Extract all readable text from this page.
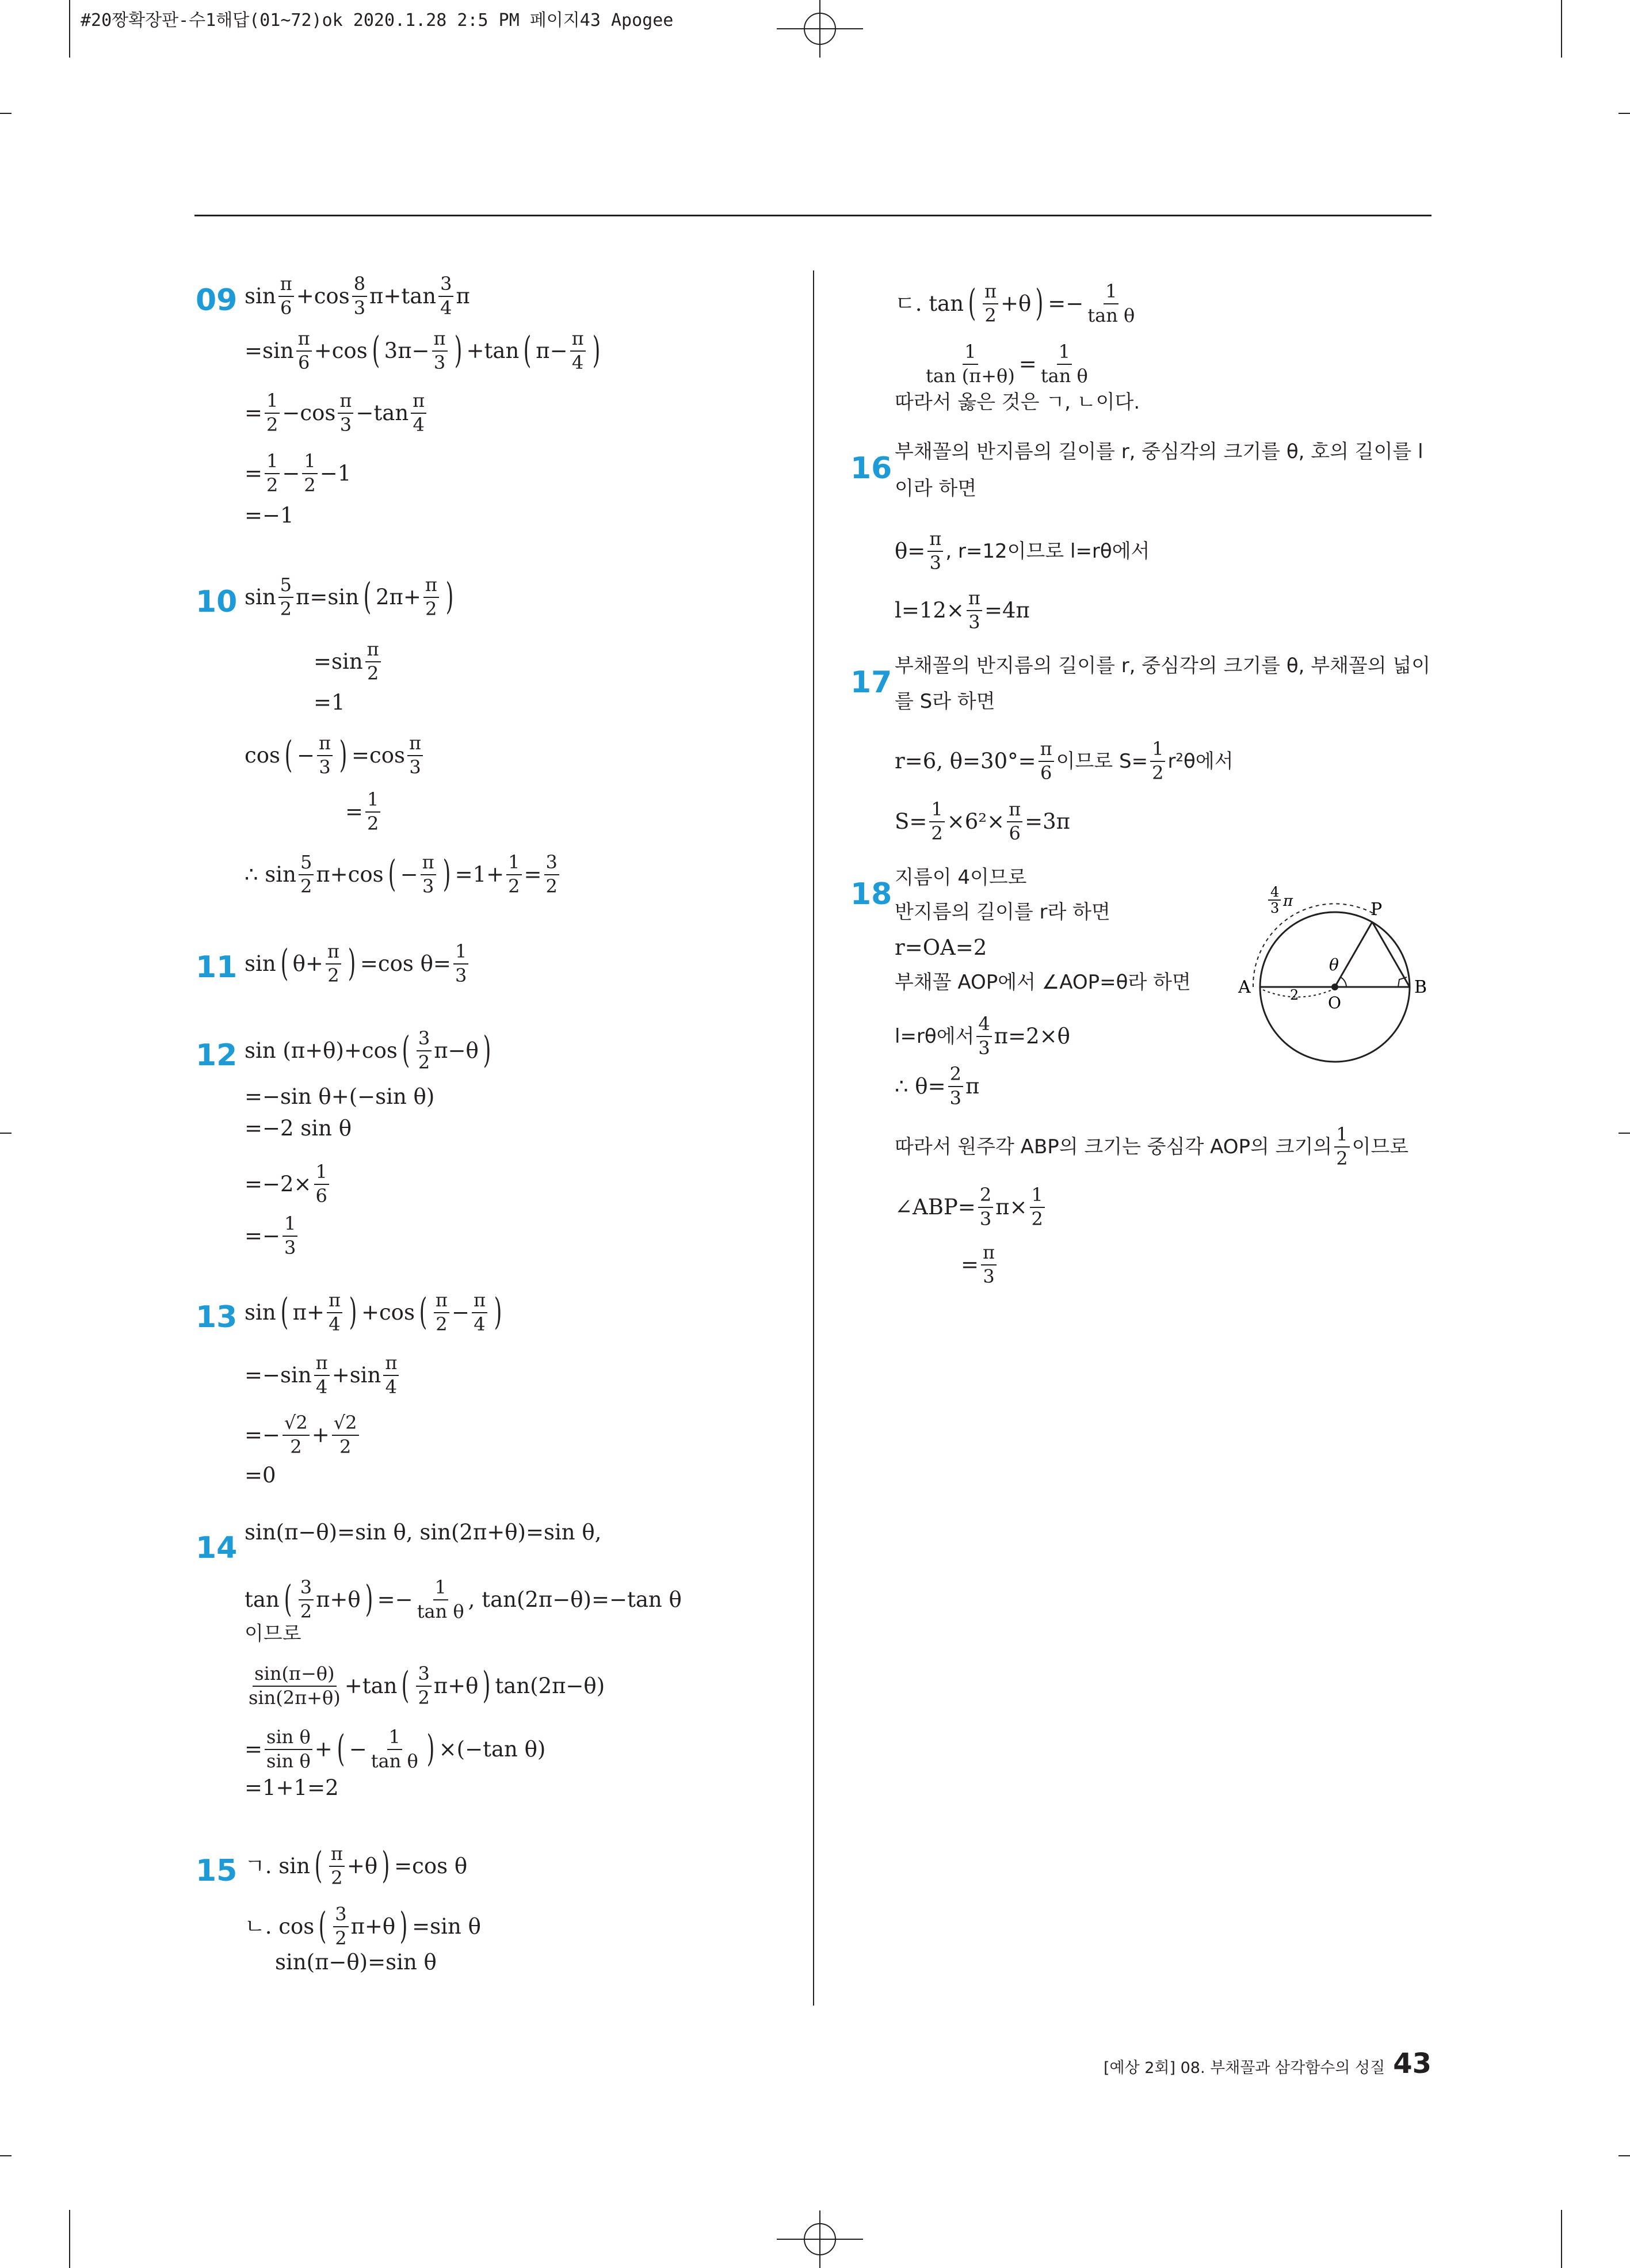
#20짱확장판-수1해답(01~72)ok 2020.1.28 2:5 PM 페이지43 Apogee
09
10
11
12
13
14
15
16
17
18
$\sin \frac{\pi}{6} +\cos \frac{8}{3} \pi+\tan \frac{3}{4}$ π
$=\sin \frac{\pi}{6} +\cos$ ( $3\pi- \frac{\pi}{3}$ ) +tan ( $\pi- \frac{\pi}{4}$ )
= $\frac{1}{2} -\cos \frac{\pi}{3} -\tan \frac{\pi}{4}$
= $\frac{1}{2} - \frac{1}{2} -1$
=−1
$\sin \frac{5}{2} \pi=\sin$ ( $2\pi+ \frac{\pi}{2}$ )
$=\sin \frac{\pi}{2}$
=1
cos ( − $\frac{\pi}{3}$ ) $=\cos \frac{\pi}{3}$
= $\frac{1}{2}$
∴ $\sin \frac{5}{2} \pi+\cos$ ( − $\frac{\pi}{3}$ ) $=1+ \frac{1}{2} = \frac{3}{2}$
sin ( $\theta+ \frac{\pi}{2}$ ) =cos $\theta= \frac{1}{3}$
sin (π+θ)+cos ( $\frac{3}{2} \pi-\theta$ )
=−sin θ+(−sin θ)
=−2 sin θ
$=-2\times \frac{1}{6}$
=− $\frac{1}{3}$
sin ( $\pi+ \frac{\pi}{4}$ ) +cos ( $\frac{\pi}{2} - \frac{\pi}{4}$ )
$=-\sin \frac{\pi}{4} +\sin \frac{\pi}{4}$
=− $\frac{√2}{2} + \frac{√2}{2}$
=0
sin(π−θ)=sin θ, sin(2π+θ)=sin θ,
tan ( $\frac{3}{2} \pi+\theta$ ) =− $\frac{1}{\text{tan θ}}$ , tan(2π−θ)=−tan θ
이므로
$\frac{\sin(\pi-\theta)}{\sin(2\pi+\theta)} +\tan$ ( $\frac{3}{2} \pi+\theta$ ) tan(2π−θ)
= $\frac{\text{sin θ}}{\text{sin θ}}$ + ( − $\frac{1}{\text{tan θ}}$ ) ×(−tan θ)
=1+1=2
ㄱ. sin ( $\frac{\pi}{2} +\theta$ ) =cos θ
ㄴ. cos ( $\frac{3}{2} \pi+\theta$ ) =sin θ
sin(π−θ)=sin θ
ㄷ. tan ( $\frac{\pi}{2} +\theta$ ) =− $\frac{1}{\text{tan θ}}$
$\frac{1}{\tan (\pi+\theta)} = \frac{1}{\text{tan θ}}$
따라서 옳은 것은 ㄱ, ㄴ이다.
부채꼴의 반지름의 길이를 r, 중심각의 크기를 θ, 호의 길이를 l
이라 하면
$\theta= \frac{\pi}{3}$ , r=12이므로 l=rθ에서
$l=12\times \frac{\pi}{3} =4\pi$
부채꼴의 반지름의 길이를 r, 중심각의 크기를 θ, 부채꼴의 넓이
를 S라 하면
r=6, $\theta=30^\circ= \frac{\pi}{6}$ 이므로 $S= \frac{1}{2} r^2\theta$에서
$S= \frac{1}{2} \times 6^2\times \frac{\pi}{6} =3\pi$
지름이 4이므로
반지름의 길이를 r라 하면
r=OA=2
부채꼴 AOP에서 ∠AOP=θ라 하면
l=rθ에서 $\frac{4}{3} \pi=2\times\theta$
∴ $\theta= \frac{2}{3}$ π
따라서 원주각 ABP의 크기는 중심각 AOP의 크기의 $\frac{1}{2}$ 이므로
∠ABP= $\frac{2}{3} \pi\times \frac{1}{2}$
= $\frac{\pi}{3}$
4
3 π	P
A	B
O
θ
2
[예상 2회] 08. 부채꼴과 삼각함수의 성질 43
